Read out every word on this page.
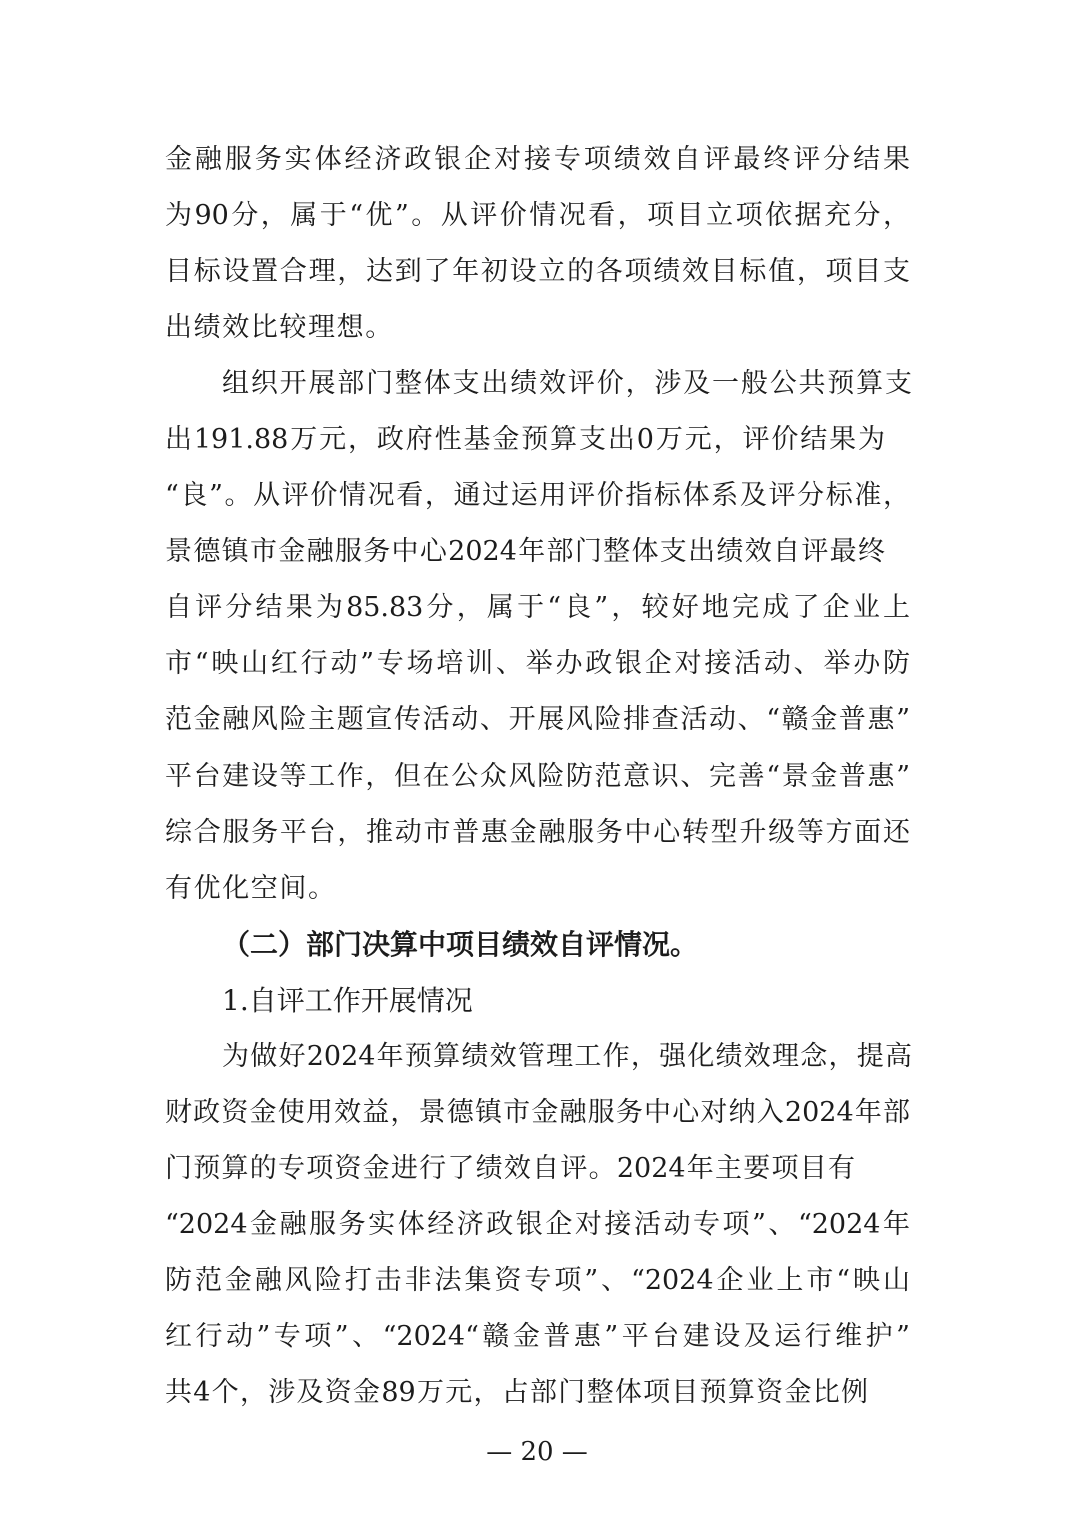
金融服务实体经济政银企对接专项绩效自评最终评分结果
为90分，属于“优”。从评价情况看，项目立项依据充分，
目标设置合理，达到了年初设立的各项绩效目标值，项目支
出绩效比较理想。
组织开展部门整体支出绩效评价，涉及一般公共预算支
出191.88万元，政府性基金预算支出0万元，评价结果为
“良”。从评价情况看，通过运用评价指标体系及评分标准，
景德镇市金融服务中心2024年部门整体支出绩效自评最终
自评分结果为85.83分，属于“良”，较好地完成了企业上
市“映山红行动”专场培训、举办政银企对接活动、举办防
范金融风险主题宣传活动、开展风险排查活动、“赣金普惠”
平台建设等工作，但在公众风险防范意识、完善“景金普惠”
综合服务平台，推动市普惠金融服务中心转型升级等方面还
有优化空间。
（二）部门决算中项目绩效自评情况。
1.自评工作开展情况
为做好2024年预算绩效管理工作，强化绩效理念，提高
财政资金使用效益，景德镇市金融服务中心对纳入2024年部
门预算的专项资金进行了绩效自评。2024年主要项目有
“2024金融服务实体经济政银企对接活动专项”、“2024年
防范金融风险打击非法集资专项”、“2024企业上市“映山
红行动”专项”、“2024“赣金普惠”平台建设及运行维护”
共4个，涉及资金89万元，占部门整体项目预算资金比例
— 20 —
